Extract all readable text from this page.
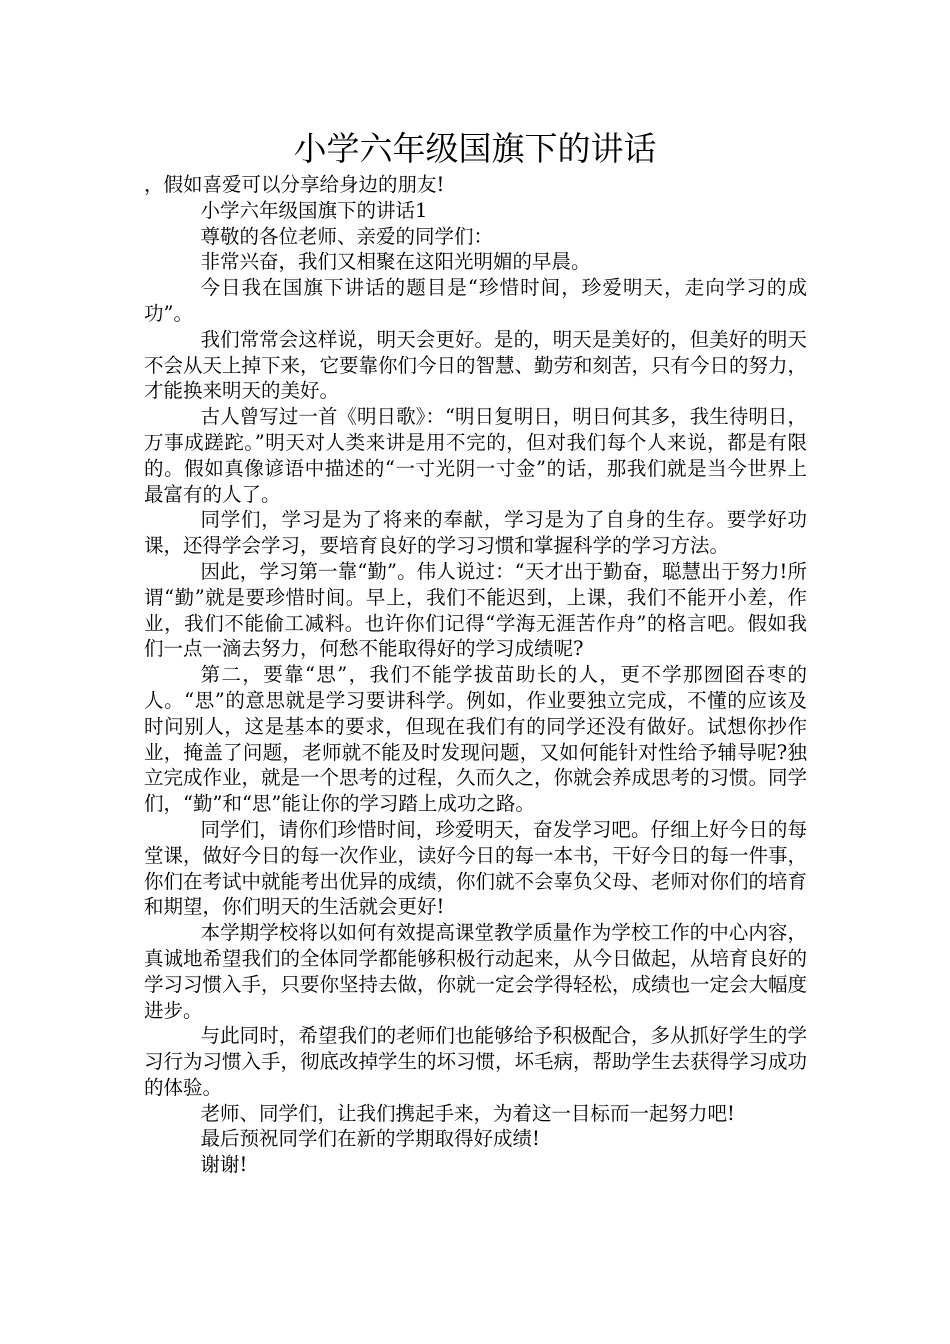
小学六年级国旗下的讲话

，假如喜爱可以分享给身边的朋友!

小学六年级国旗下的讲话1

尊敬的各位老师、亲爱的同学们：

非常兴奋，我们又相聚在这阳光明媚的早晨。

今日我在国旗下讲话的题目是“珍惜时间，珍爱明天，走向学习的成功”。

我们常常会这样说，明天会更好。是的，明天是美好的，但美好的明天不会从天上掉下来，它要靠你们今日的智慧、勤劳和刻苦，只有今日的努力，才能换来明天的美好。

古人曾写过一首《明日歌》：“明日复明日，明日何其多，我生待明日，万事成蹉跎。”明天对人类来讲是用不完的，但对我们每个人来说，都是有限的。假如真像谚语中描述的“一寸光阴一寸金”的话，那我们就是当今世界上最富有的人了。

同学们，学习是为了将来的奉献，学习是为了自身的生存。要学好功课，还得学会学习，要培育良好的学习习惯和掌握科学的学习方法。

因此，学习第一靠“勤”。伟人说过：“天才出于勤奋，聪慧出于努力!所谓“勤”就是要珍惜时间。早上，我们不能迟到，上课，我们不能开小差，作业，我们不能偷工减料。也许你们记得“学海无涯苦作舟”的格言吧。假如我们一点一滴去努力，何愁不能取得好的学习成绩呢?

第二，要靠“思”，我们不能学拔苗助长的人，更不学那囫囵吞枣的人。“思”的意思就是学习要讲科学。例如，作业要独立完成，不懂的应该及时问别人，这是基本的要求，但现在我们有的同学还没有做好。试想你抄作业，掩盖了问题，老师就不能及时发现问题，又如何能针对性给予辅导呢?独立完成作业，就是一个思考的过程，久而久之，你就会养成思考的习惯。同学们，“勤”和“思”能让你的学习踏上成功之路。

同学们，请你们珍惜时间，珍爱明天，奋发学习吧。仔细上好今日的每堂课，做好今日的每一次作业，读好今日的每一本书，干好今日的每一件事，你们在考试中就能考出优异的成绩，你们就不会辜负父母、老师对你们的培育和期望，你们明天的生活就会更好!

本学期学校将以如何有效提高课堂教学质量作为学校工作的中心内容，真诚地希望我们的全体同学都能够积极行动起来，从今日做起，从培育良好的学习习惯入手，只要你坚持去做，你就一定会学得轻松，成绩也一定会大幅度进步。

与此同时，希望我们的老师们也能够给予积极配合，多从抓好学生的学习行为习惯入手，彻底改掉学生的坏习惯，坏毛病，帮助学生去获得学习成功的体验。

老师、同学们，让我们携起手来，为着这一目标而一起努力吧!

最后预祝同学们在新的学期取得好成绩!

谢谢!
